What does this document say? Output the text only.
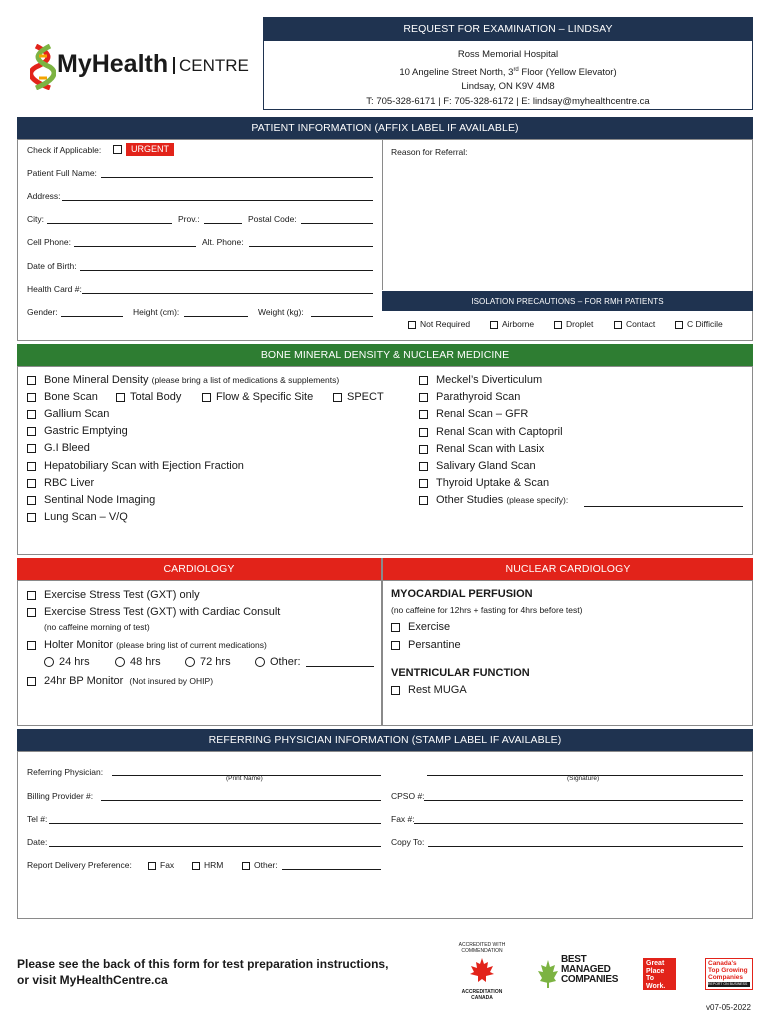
MyHealth CENTRE
REQUEST FOR EXAMINATION – LINDSAY
Ross Memorial Hospital
10 Angeline Street North, 3rd Floor (Yellow Elevator)
Lindsay, ON K9V 4M8
T: 705-328-6171 | F: 705-328-6172 | E: lindsay@myhealthcentre.ca
PATIENT INFORMATION (AFFIX LABEL IF AVAILABLE)
Check if Applicable:	URGENT	Reason for Referral:
Patient Full Name:
Address:
City:	Prov.:	Postal Code:
Cell Phone:	Alt. Phone:
Date of Birth:
Health Card #:
Gender:	Height (cm):	Weight (kg):
ISOLATION PRECAUTIONS – FOR RMH PATIENTS
Not Required	Airborne	Droplet	Contact	C Difficile
BONE MINERAL DENSITY & NUCLEAR MEDICINE
Bone Mineral Density
(please bring a list of medications & supplements)
Bone Scan	Total Body	Flow & Specific Site	SPECT
Gallium Scan
Gastric Emptying
G.I Bleed
Hepatobiliary Scan with Ejection Fraction
RBC Liver
Sentinal Node Imaging
Lung Scan – V/Q
Meckel’s Diverticulum
Parathyroid Scan
Renal Scan – GFR
Renal Scan with Captopril
Renal Scan with Lasix
Salivary Gland Scan
Thyroid Uptake & Scan
Other Studies
(please specify):
CARDIOLOGY	NUCLEAR CARDIOLOGY
Exercise Stress Test (GXT) only
Exercise Stress Test (GXT) with Cardiac Consult
(no caffeine morning of test)
Holter Monitor
(please bring list of current medications)
24 hrs	48 hrs	72 hrs	Other:
24hr BP Monitor
(Not insured by OHIP)
MYOCARDIAL PERFUSION
(no caffeine for 12hrs + fasting for 4hrs before test)
Exercise
Persantine
VENTRICULAR FUNCTION
Rest MUGA
REFERRING PHYSICIAN INFORMATION (STAMP LABEL IF AVAILABLE)
Referring Physician:
(Print Name)	(Signature)
Billing Provider #:	CPSO #:
Tel #:	Fax #:
Date:	Copy To:
Report Delivery Preference:	Fax	HRM	Other:
Please see the back of this form for test preparation instructions,
or visit MyHealthCentre.ca
ACCREDITED WITH COMMENDATION
ACCREDITATION CANADA
BEST
MANAGED
COMPANIES
Great
Place
To
Work.
Canada's
Top Growing
Companies
REPORT ON BUSINESS
v07-05-2022
